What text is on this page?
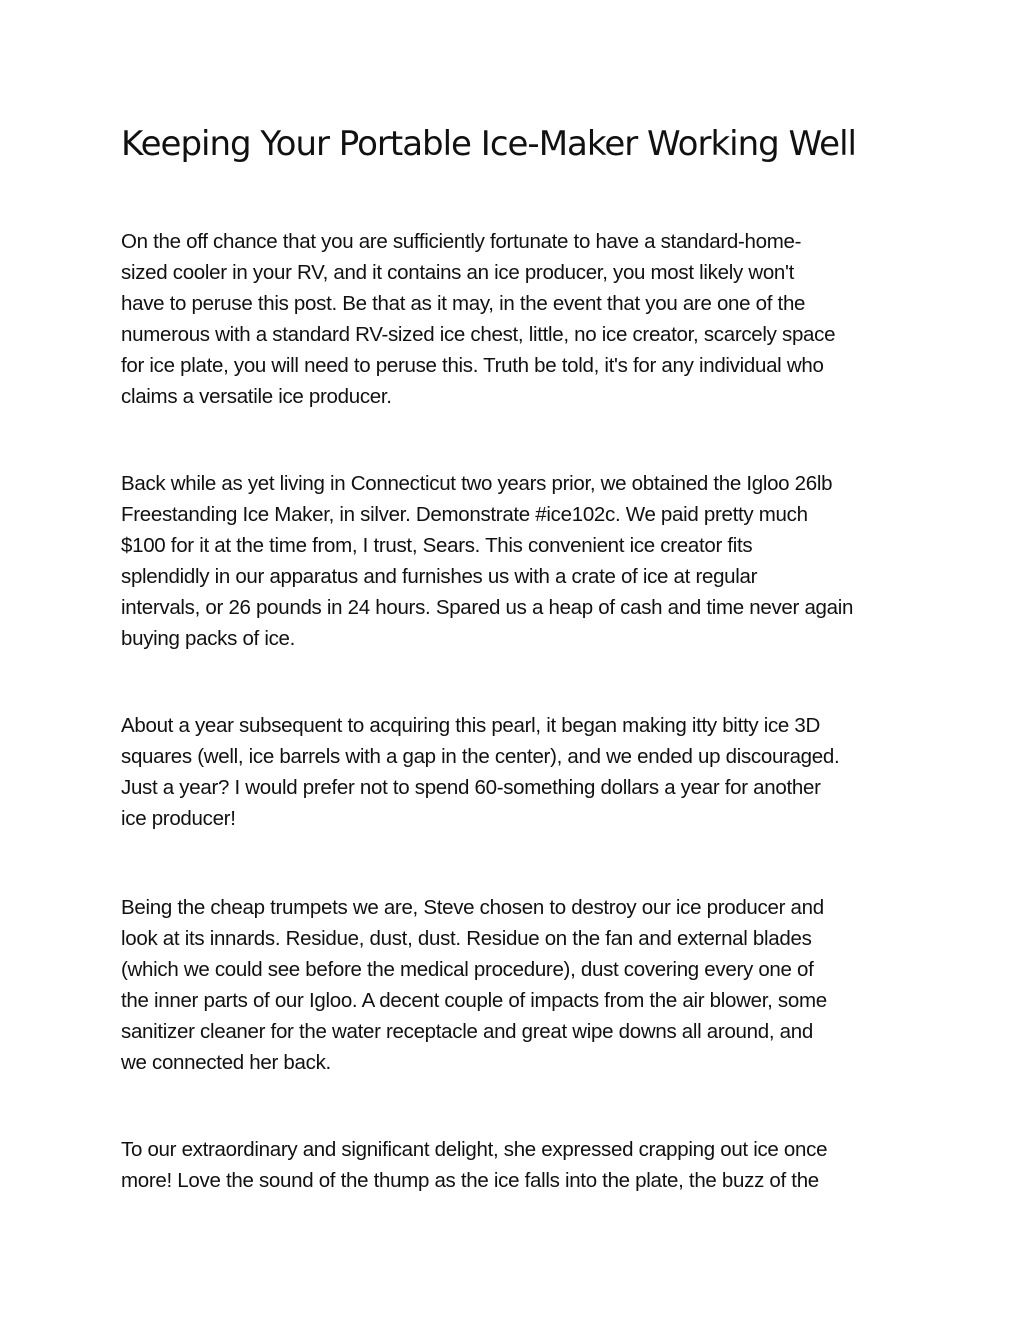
Keeping Your Portable Ice-Maker Working Well
On the off chance that you are sufficiently fortunate to have a standard-home-
sized cooler in your RV, and it contains an ice producer, you most likely won't
have to peruse this post. Be that as it may, in the event that you are one of the
numerous with a standard RV-sized ice chest, little, no ice creator, scarcely space
for ice plate, you will need to peruse this. Truth be told, it's for any individual who
claims a versatile ice producer.
Back while as yet living in Connecticut two years prior, we obtained the Igloo 26lb
Freestanding Ice Maker, in silver. Demonstrate #ice102c. We paid pretty much
$100 for it at the time from, I trust, Sears. This convenient ice creator fits
splendidly in our apparatus and furnishes us with a crate of ice at regular
intervals, or 26 pounds in 24 hours. Spared us a heap of cash and time never again
buying packs of ice.
About a year subsequent to acquiring this pearl, it began making itty bitty ice 3D
squares (well, ice barrels with a gap in the center), and we ended up discouraged.
Just a year? I would prefer not to spend 60-something dollars a year for another
ice producer!
Being the cheap trumpets we are, Steve chosen to destroy our ice producer and
look at its innards. Residue, dust, dust. Residue on the fan and external blades
(which we could see before the medical procedure), dust covering every one of
the inner parts of our Igloo. A decent couple of impacts from the air blower, some
sanitizer cleaner for the water receptacle and great wipe downs all around, and
we connected her back.
To our extraordinary and significant delight, she expressed crapping out ice once
more! Love the sound of the thump as the ice falls into the plate, the buzz of the
